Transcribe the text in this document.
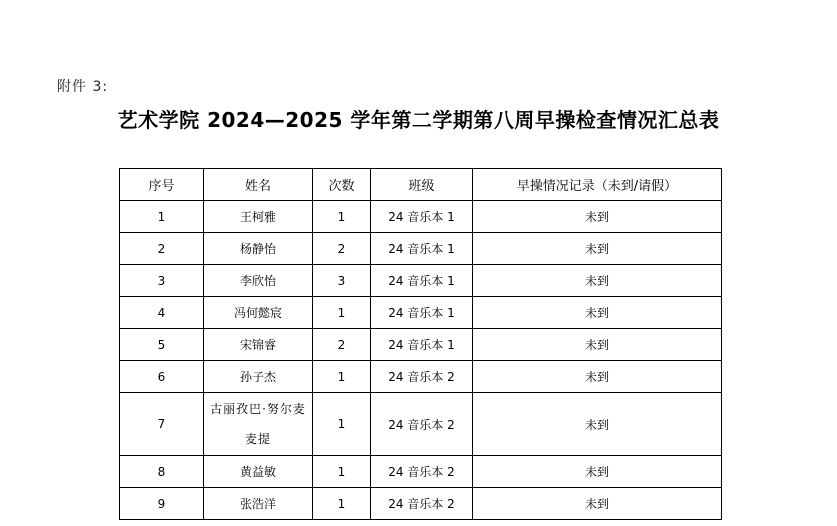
附件 3:
艺术学院 2024—2025 学年第二学期第八周早操检查情况汇总表
序号	姓名	次数	班级	早操情况记录（未到/请假）
1	王柯雅	1	24 音乐本 1	未到
2	杨静怡	2	24 音乐本 1	未到
3	李欣怡	3	24 音乐本 1	未到
4	冯何懿宸	1	24 音乐本 1	未到
5	宋锦睿	2	24 音乐本 1	未到
6	孙子杰	1	24 音乐本 2	未到
7	古丽孜巴·努尔麦麦提	1	24 音乐本 2	未到
8	黄益敏	1	24 音乐本 2	未到
9	张浩洋	1	24 音乐本 2	未到
